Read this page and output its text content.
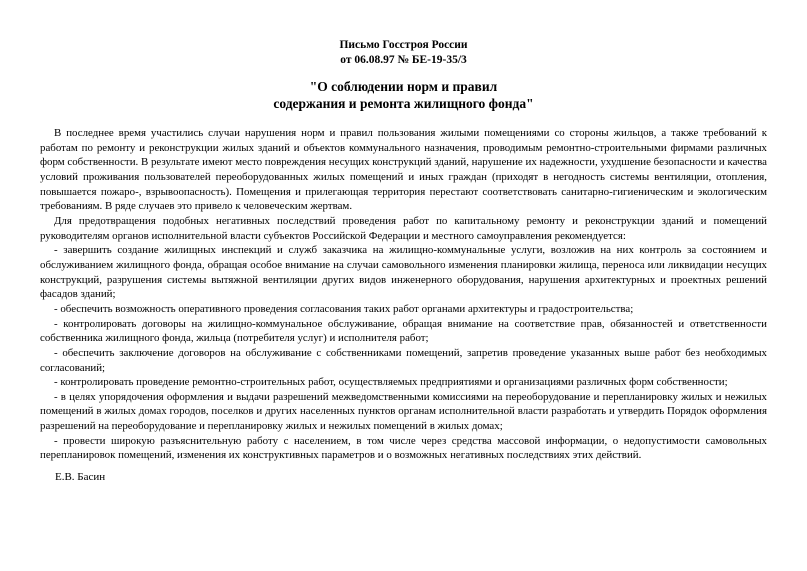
Письмо Госстроя России
от 06.08.97 № БЕ-19-35/3
"О соблюдении норм и правил
содержания и ремонта жилищного фонда"

В последнее время участились случаи нарушения норм и правил пользования жилыми помещениями со стороны жильцов, а также требований к работам по ремонту и реконструкции жилых зданий и объектов коммунального назначения, проводимым ремонтно-строительными фирмами различных форм собственности. В результате имеют место повреждения несущих конструкций зданий, нарушение их надежности, ухудшение безопасности и качества условий проживания пользователей переоборудованных жилых помещений и иных граждан (приходят в негодность системы вентиляции, отопления, повышается пожаро-, взрывоопасность). Помещения и прилегающая территория перестают соответствовать санитарно-гигиеническим и экологическим требованиям. В ряде случаев это привело к человеческим жертвам.

Для предотвращения подобных негативных последствий проведения работ по капитальному ремонту и реконструкции зданий и помещений руководителям органов исполнительной власти субъектов Российской Федерации и местного самоуправления рекомендуется:

- завершить создание жилищных инспекций и служб заказчика на жилищно-коммунальные услуги, возложив на них контроль за состоянием и обслуживанием жилищного фонда, обращая особое внимание на случаи самовольного изменения планировки жилища, переноса или ликвидации несущих конструкций, разрушения системы вытяжной вентиляции других видов инженерного оборудования, нарушения архитектурных и проектных решений фасадов зданий;

- обеспечить возможность оперативного проведения согласования таких работ органами архитектуры и градостроительства;

- контролировать договоры на жилищно-коммунальное обслуживание, обращая внимание на соответствие прав, обязанностей и ответственности собственника жилищного фонда, жильца (потребителя услуг) и исполнителя работ;

- обеспечить заключение договоров на обслуживание с собственниками помещений, запретив проведение указанных выше работ без необходимых согласований;

- контролировать проведение ремонтно-строительных работ, осуществляемых предприятиями и организациями различных форм собственности;

- в целях упорядочения оформления и выдачи разрешений межведомственными комиссиями на переоборудование и перепланировку жилых и нежилых помещений в жилых домах городов, поселков и других населенных пунктов органам исполнительной власти разработать и утвердить Порядок оформления разрешений на переоборудование и перепланировку жилых и нежилых помещений в жилых домах;

- провести широкую разъяснительную работу с населением, в том числе через средства массовой информации, о недопустимости самовольных перепланировок помещений, изменения их конструктивных параметров и о возможных негативных последствиях этих действий.

Е.В. Басин
